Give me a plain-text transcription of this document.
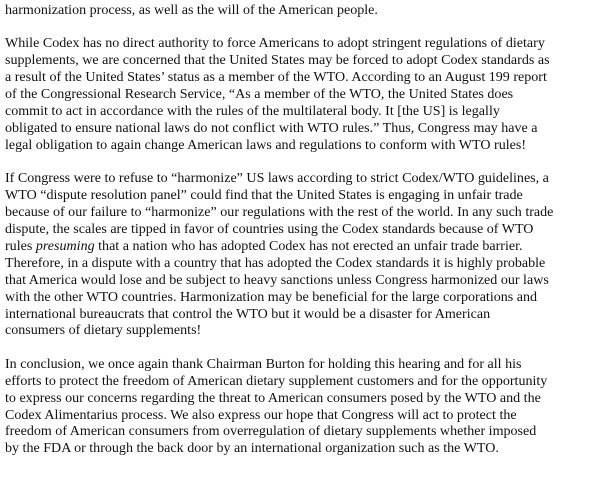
harmonization process, as well as the will of the American people.

While Codex has no direct authority to force Americans to adopt stringent regulations of dietary
supplements, we are concerned that the United States may be forced to adopt Codex standards as
a result of the United States’ status as a member of the WTO. According to an August 199 report
of the Congressional Research Service, “As a member of the WTO, the United States does
commit to act in accordance with the rules of the multilateral body. It [the US] is legally
obligated to ensure national laws do not conflict with WTO rules.” Thus, Congress may have a
legal obligation to again change American laws and regulations to conform with WTO rules!

If Congress were to refuse to “harmonize” US laws according to strict Codex/WTO guidelines, a
WTO “dispute resolution panel” could find that the United States is engaging in unfair trade
because of our failure to “harmonize” our regulations with the rest of the world. In any such trade
dispute, the scales are tipped in favor of countries using the Codex standards because of WTO
rules presuming that a nation who has adopted Codex has not erected an unfair trade barrier.
Therefore, in a dispute with a country that has adopted the Codex standards it is highly probable
that America would lose and be subject to heavy sanctions unless Congress harmonized our laws
with the other WTO countries. Harmonization may be beneficial for the large corporations and
international bureaucrats that control the WTO but it would be a disaster for American
consumers of dietary supplements!

In conclusion, we once again thank Chairman Burton for holding this hearing and for all his
efforts to protect the freedom of American dietary supplement customers and for the opportunity
to express our concerns regarding the threat to American consumers posed by the WTO and the
Codex Alimentarius process. We also express our hope that Congress will act to protect the
freedom of American consumers from overregulation of dietary supplements whether imposed
by the FDA or through the back door by an international organization such as the WTO.
